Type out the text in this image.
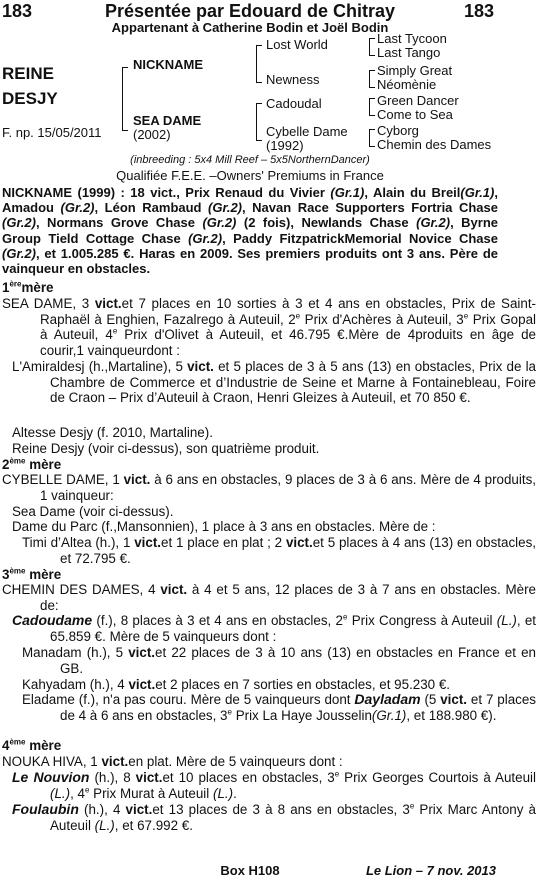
183	Présentée par Edouard de Chitray	183
Appartenant à Catherine Bodin et Joël Bodin
REINE
DESJY
F. np. 15/05/2011
NICKNAME
SEA DAME
(2002)
Lost World
Newness
Cadoudal
Cybelle Dame
(1992)
Last Tycoon
Last Tango
Simply Great
Néomènie
Green Dancer
Come to Sea
Cyborg
Chemin des Dames
(inbreeding : 5x4 Mill Reef – 5x5NorthernDancer)
Qualifiée F.E.E. –Owners' Premiums in France
NICKNAME (1999) : 18 vict., Prix Renaud du Vivier (Gr.1), Alain du Breil(Gr.1), Amadou (Gr.2), Léon Rambaud (Gr.2), Navan Race Supporters Fortria Chase (Gr.2), Normans Grove Chase (Gr.2) (2 fois), Newlands Chase (Gr.2), Byrne Group Tield Cottage Chase (Gr.2), Paddy FitzpatrickMemorial Novice Chase (Gr.2), et 1.005.285 €. Haras en 2009. Ses premiers produits ont 3 ans. Père de vainqueur en obstacles.
1èremère
SEA DAME, 3 vict.et 7 places en 10 sorties à 3 et 4 ans en obstacles, Prix de Saint-Raphaël à Enghien, Fazalrego à Auteuil, 2e Prix d'Achères à Auteuil, 3e Prix Gopal à Auteuil, 4e Prix d'Olivet à Auteuil, et 46.795 €.Mère de 4produits en âge de courir,1 vainqueurdont :
L'Amiraldesj (h.,Martaline), 5 vict. et 5 places de 3 à 5 ans (13) en obstacles, Prix de la Chambre de Commerce et d’Industrie de Seine et Marne à Fontainebleau, Foire de Craon – Prix d’Auteuil à Craon, Henri Gleizes à Auteuil, et 70 850 €.
Altesse Desjy (f. 2010, Martaline).
Reine Desjy (voir ci-dessus), son quatrième produit.
2ème mère
CYBELLE DAME, 1 vict. à 6 ans en obstacles, 9 places de 3 à 6 ans. Mère de 4 produits, 1 vainqueur:
Sea Dame (voir ci-dessus).
Dame du Parc (f.,Mansonnien), 1 place à 3 ans en obstacles. Mère de :
Timi d’Altea (h.), 1 vict.et 1 place en plat ; 2 vict.et 5 places à 4 ans (13) en obstacles, et 72.795 €.
3ème mère
CHEMIN DES DAMES, 4 vict. à 4 et 5 ans, 12 places de 3 à 7 ans en obstacles. Mère de:
Cadoudame (f.), 8 places à 3 et 4 ans en obstacles, 2e Prix Congress à Auteuil (L.), et 65.859 €. Mère de 5 vainqueurs dont :
Manadam (h.), 5 vict.et 22 places de 3 à 10 ans (13) en obstacles en France et en GB.
Kahyadam (h.), 4 vict.et 2 places en 7 sorties en obstacles, et 95.230 €.
Eladame (f.), n'a pas couru. Mère de 5 vainqueurs dont Dayladam (5 vict. et 7 places de 4 à 6 ans en obstacles, 3e Prix La Haye Jousselin(Gr.1), et 188.980 €).
4ème mère
NOUKA HIVA, 1 vict.en plat. Mère de 5 vainqueurs dont :
Le Nouvion (h.), 8 vict.et 10 places en obstacles, 3e Prix Georges Courtois à Auteuil (L.), 4e Prix Murat à Auteuil (L.).
Foulaubin (h.), 4 vict.et 13 places de 3 à 8 ans en obstacles, 3e Prix Marc Antony à Auteuil (L.), et 67.992 €.
Box H108	Le Lion – 7 nov. 2013
